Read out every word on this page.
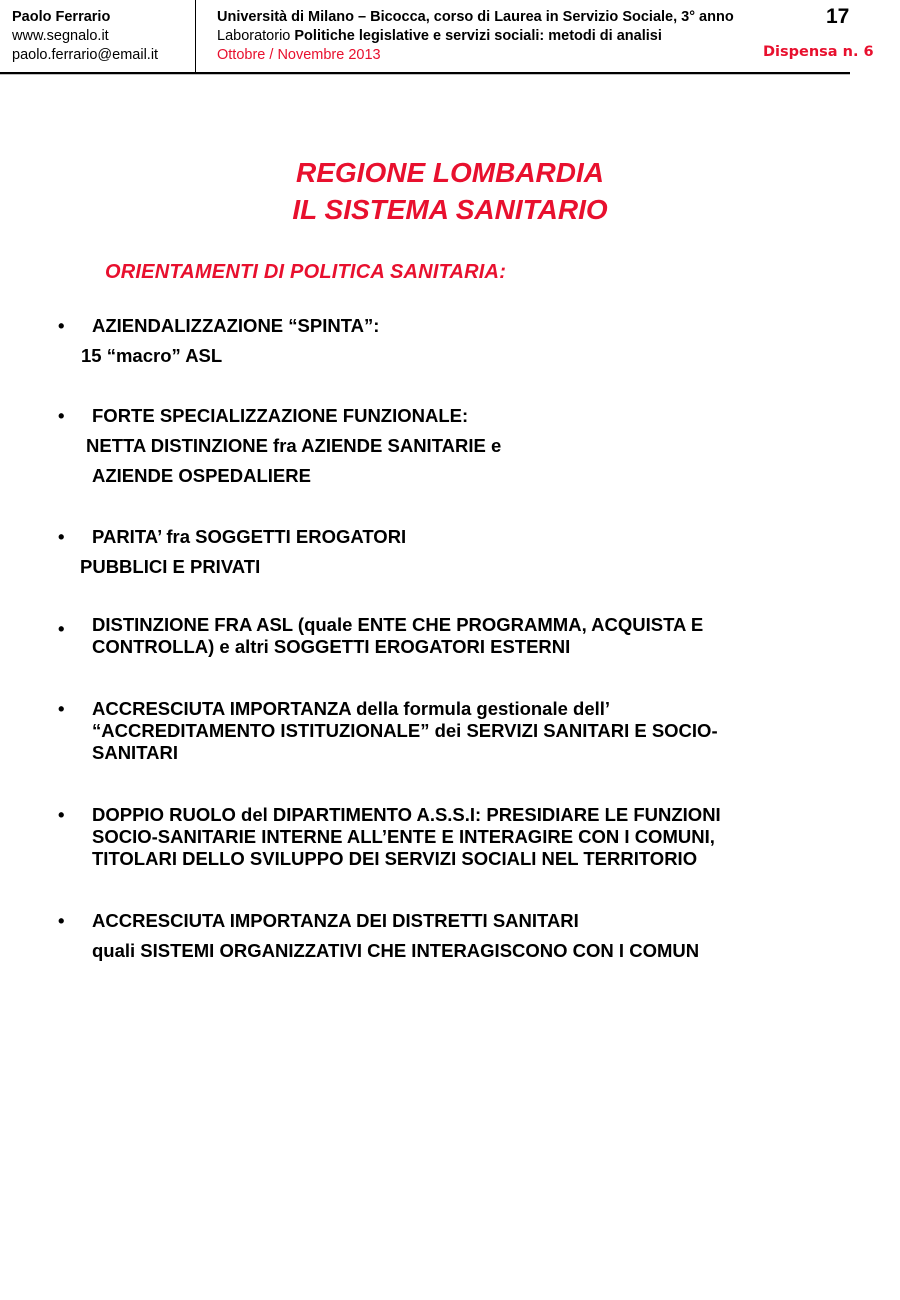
Paolo Ferrario
www.segnalo.it
paolo.ferrario@email.it
Università di Milano – Bicocca, corso di Laurea in Servizio Sociale, 3° anno
Laboratorio Politiche legislative e servizi sociali: metodi di analisi
Ottobre / Novembre 2013
17
Dispensa n. 6
REGIONE LOMBARDIA
IL SISTEMA SANITARIO
ORIENTAMENTI DI POLITICA SANITARIA:
•	AZIENDALIZZAZIONE “SPINTA”:
15 “macro” ASL
•	FORTE SPECIALIZZAZIONE FUNZIONALE:
NETTA DISTINZIONE fra AZIENDE SANITARIE e
AZIENDE OSPEDALIERE
•	PARITA’ fra SOGGETTI EROGATORI
PUBBLICI E PRIVATI
•	DISTINZIONE FRA ASL (quale ENTE CHE PROGRAMMA, ACQUISTA E
CONTROLLA) e altri SOGGETTI EROGATORI ESTERNI
•	ACCRESCIUTA IMPORTANZA della formula gestionale dell’
“ACCREDITAMENTO ISTITUZIONALE” dei SERVIZI SANITARI E SOCIO-
SANITARI
•	DOPPIO RUOLO del DIPARTIMENTO A.S.S.I: PRESIDIARE LE FUNZIONI
SOCIO-SANITARIE INTERNE ALL’ENTE E INTERAGIRE CON I COMUNI,
TITOLARI DELLO SVILUPPO DEI SERVIZI SOCIALI NEL TERRITORIO
•	ACCRESCIUTA IMPORTANZA DEI DISTRETTI SANITARI
quali SISTEMI ORGANIZZATIVI CHE INTERAGISCONO CON I COMUN
